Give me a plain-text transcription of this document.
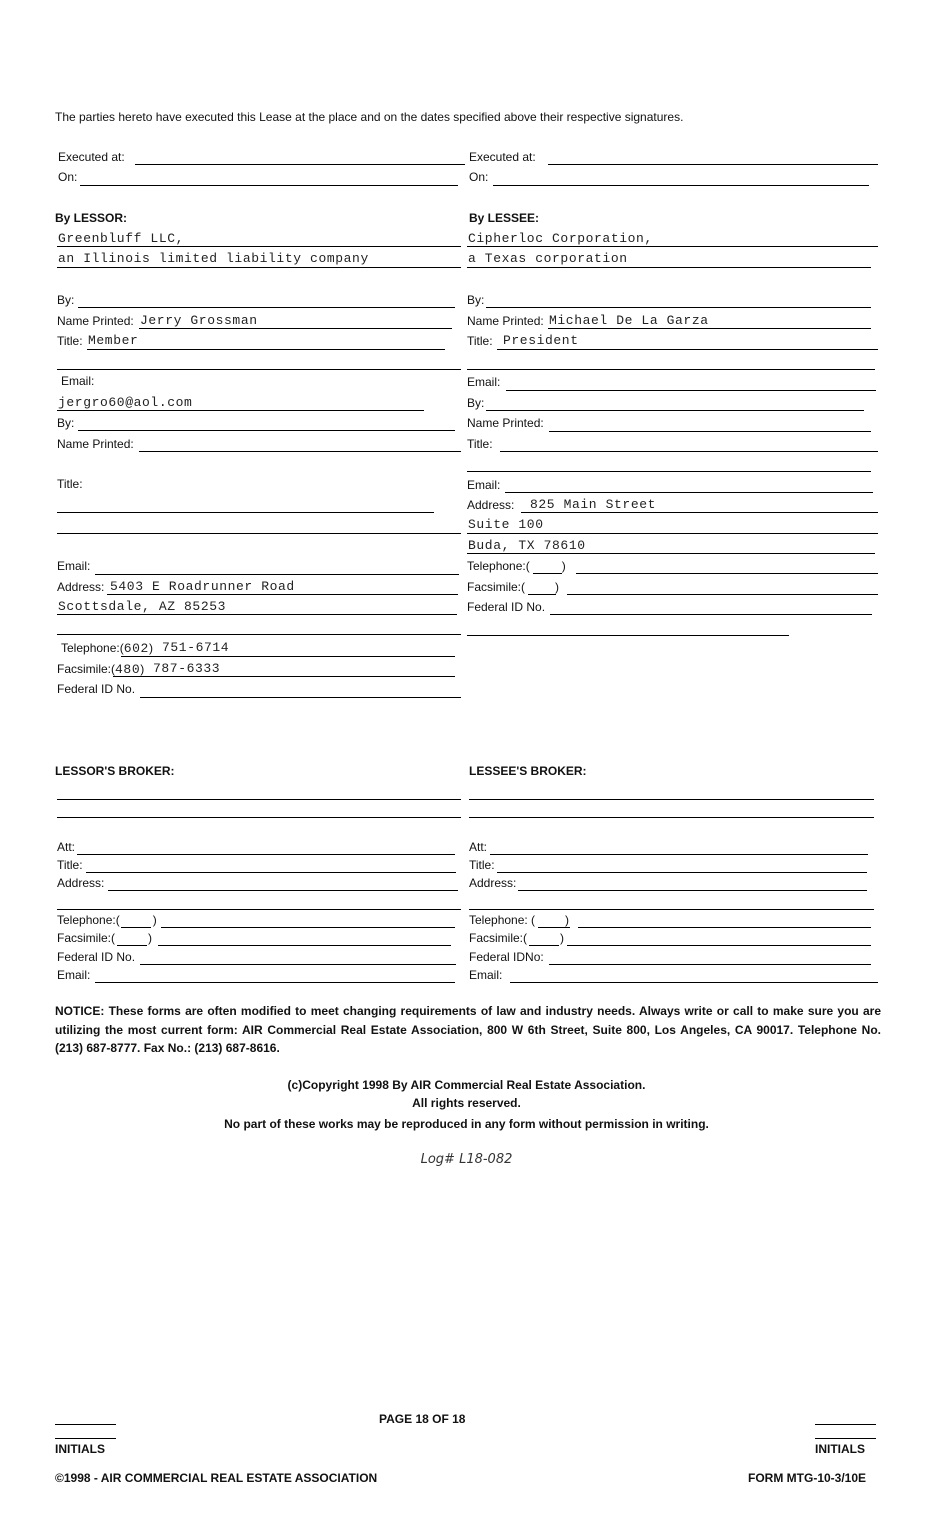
The parties hereto have executed this Lease at the place and on the dates specified above their respective signatures.
Executed at:	Executed at:
On:	On:
By LESSOR:	By LESSEE:
Greenbluff LLC,
an Illinois limited liability company
Cipherloc Corporation,
a Texas corporation
By:
Name Printed: Jerry Grossman
Title: Member
By:
Name Printed: Michael De La Garza
Title: President
Email:
jergro60@aol.com
By:
Name Printed:
Title:
Email:
Address: 5403 E Roadrunner Road
Scottsdale, AZ 85253
Telephone:(602) 751-6714
Facsimile:(480) 787-6333
Federal ID No.
Email:
By:
Name Printed:
Title:
Email:
Address: 825 Main Street
Suite 100
Buda, TX 78610
Telephone:(	)
Facsimile:(	)
Federal ID No.
LESSOR'S BROKER:	LESSEE'S BROKER:
Att:
Title:
Address:
Telephone:(	)
Facsimile:(	)
Federal ID No.
Email:
Att:
Title:
Address:
Telephone: (	)
Facsimile:(	)
Federal IDNo:
Email:
NOTICE: These forms are often modified to meet changing requirements of law and industry needs. Always write or call to make sure you are utilizing the most current form: AIR Commercial Real Estate Association, 800 W 6th Street, Suite 800, Los Angeles, CA 90017. Telephone No. (213) 687-8777. Fax No.: (213) 687-8616.
(c)Copyright 1998 By AIR Commercial Real Estate Association.
All rights reserved.
No part of these works may be reproduced in any form without permission in writing.
Log# L18-082
PAGE 18 OF 18
INITIALS	INITIALS
©1998 - AIR COMMERCIAL REAL ESTATE ASSOCIATION	FORM MTG-10-3/10E
